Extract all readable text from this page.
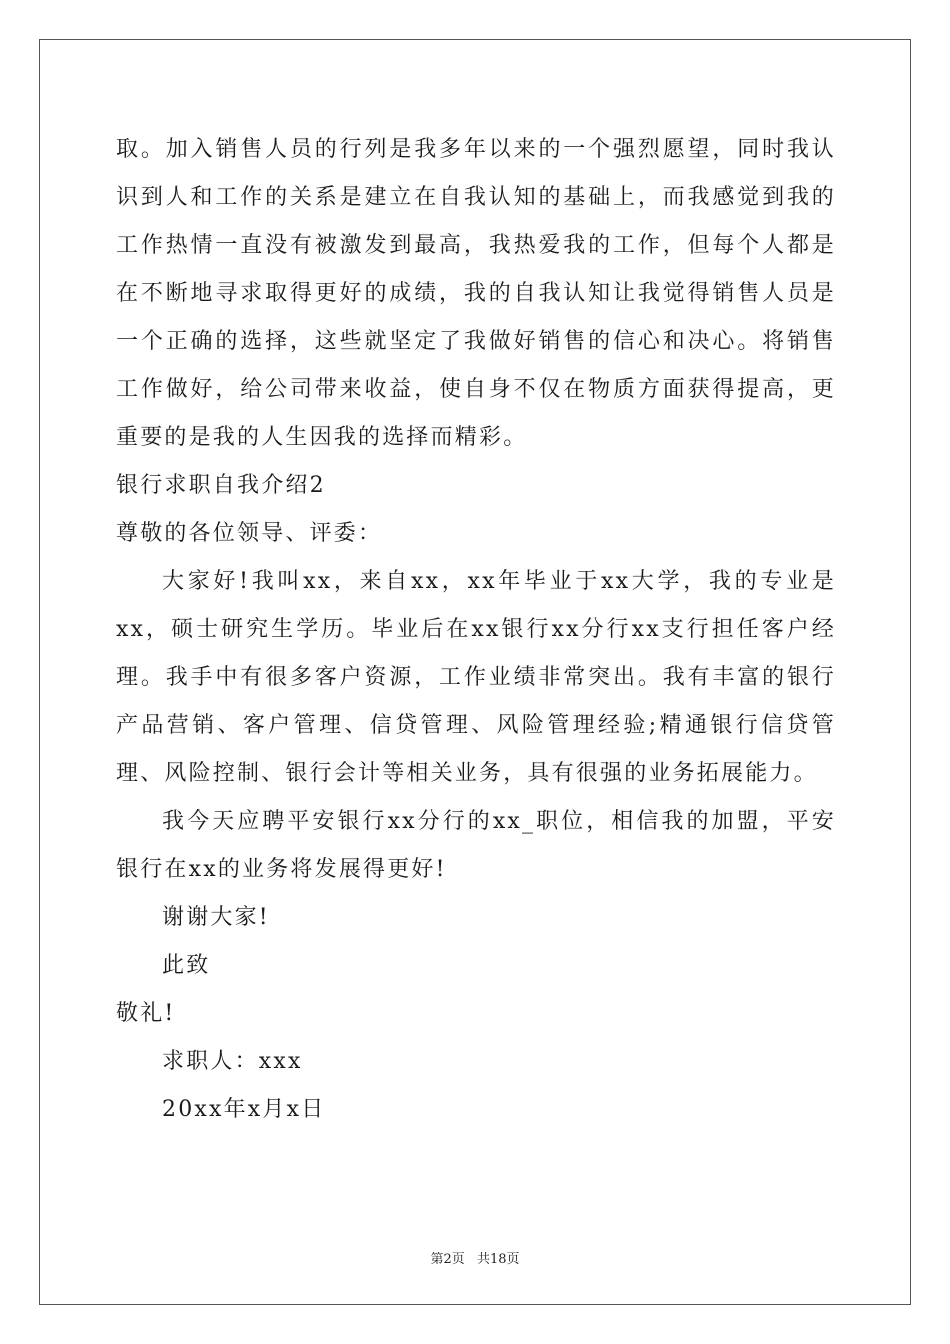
取。加入销售人员的行列是我多年以来的一个强烈愿望，同时我认识到人和工作的关系是建立在自我认知的基础上，而我感觉到我的工作热情一直没有被激发到最高，我热爱我的工作，但每个人都是在不断地寻求取得更好的成绩，我的自我认知让我觉得销售人员是一个正确的选择，这些就坚定了我做好销售的信心和决心。将销售工作做好，给公司带来收益，使自身不仅在物质方面获得提高，更重要的是我的人生因我的选择而精彩。

银行求职自我介绍2

尊敬的各位领导、评委：

大家好!我叫xx，来自xx，xx年毕业于xx大学，我的专业是xx，硕士研究生学历。毕业后在xx银行xx分行xx支行担任客户经理。我手中有很多客户资源，工作业绩非常突出。我有丰富的银行产品营销、客户管理、信贷管理、风险管理经验;精通银行信贷管理、风险控制、银行会计等相关业务，具有很强的业务拓展能力。

我今天应聘平安银行xx分行的xx_职位，相信我的加盟，平安银行在xx的业务将发展得更好!

谢谢大家!

此致

敬礼!

求职人：xxx

20xx年x月x日

第2页 共18页
